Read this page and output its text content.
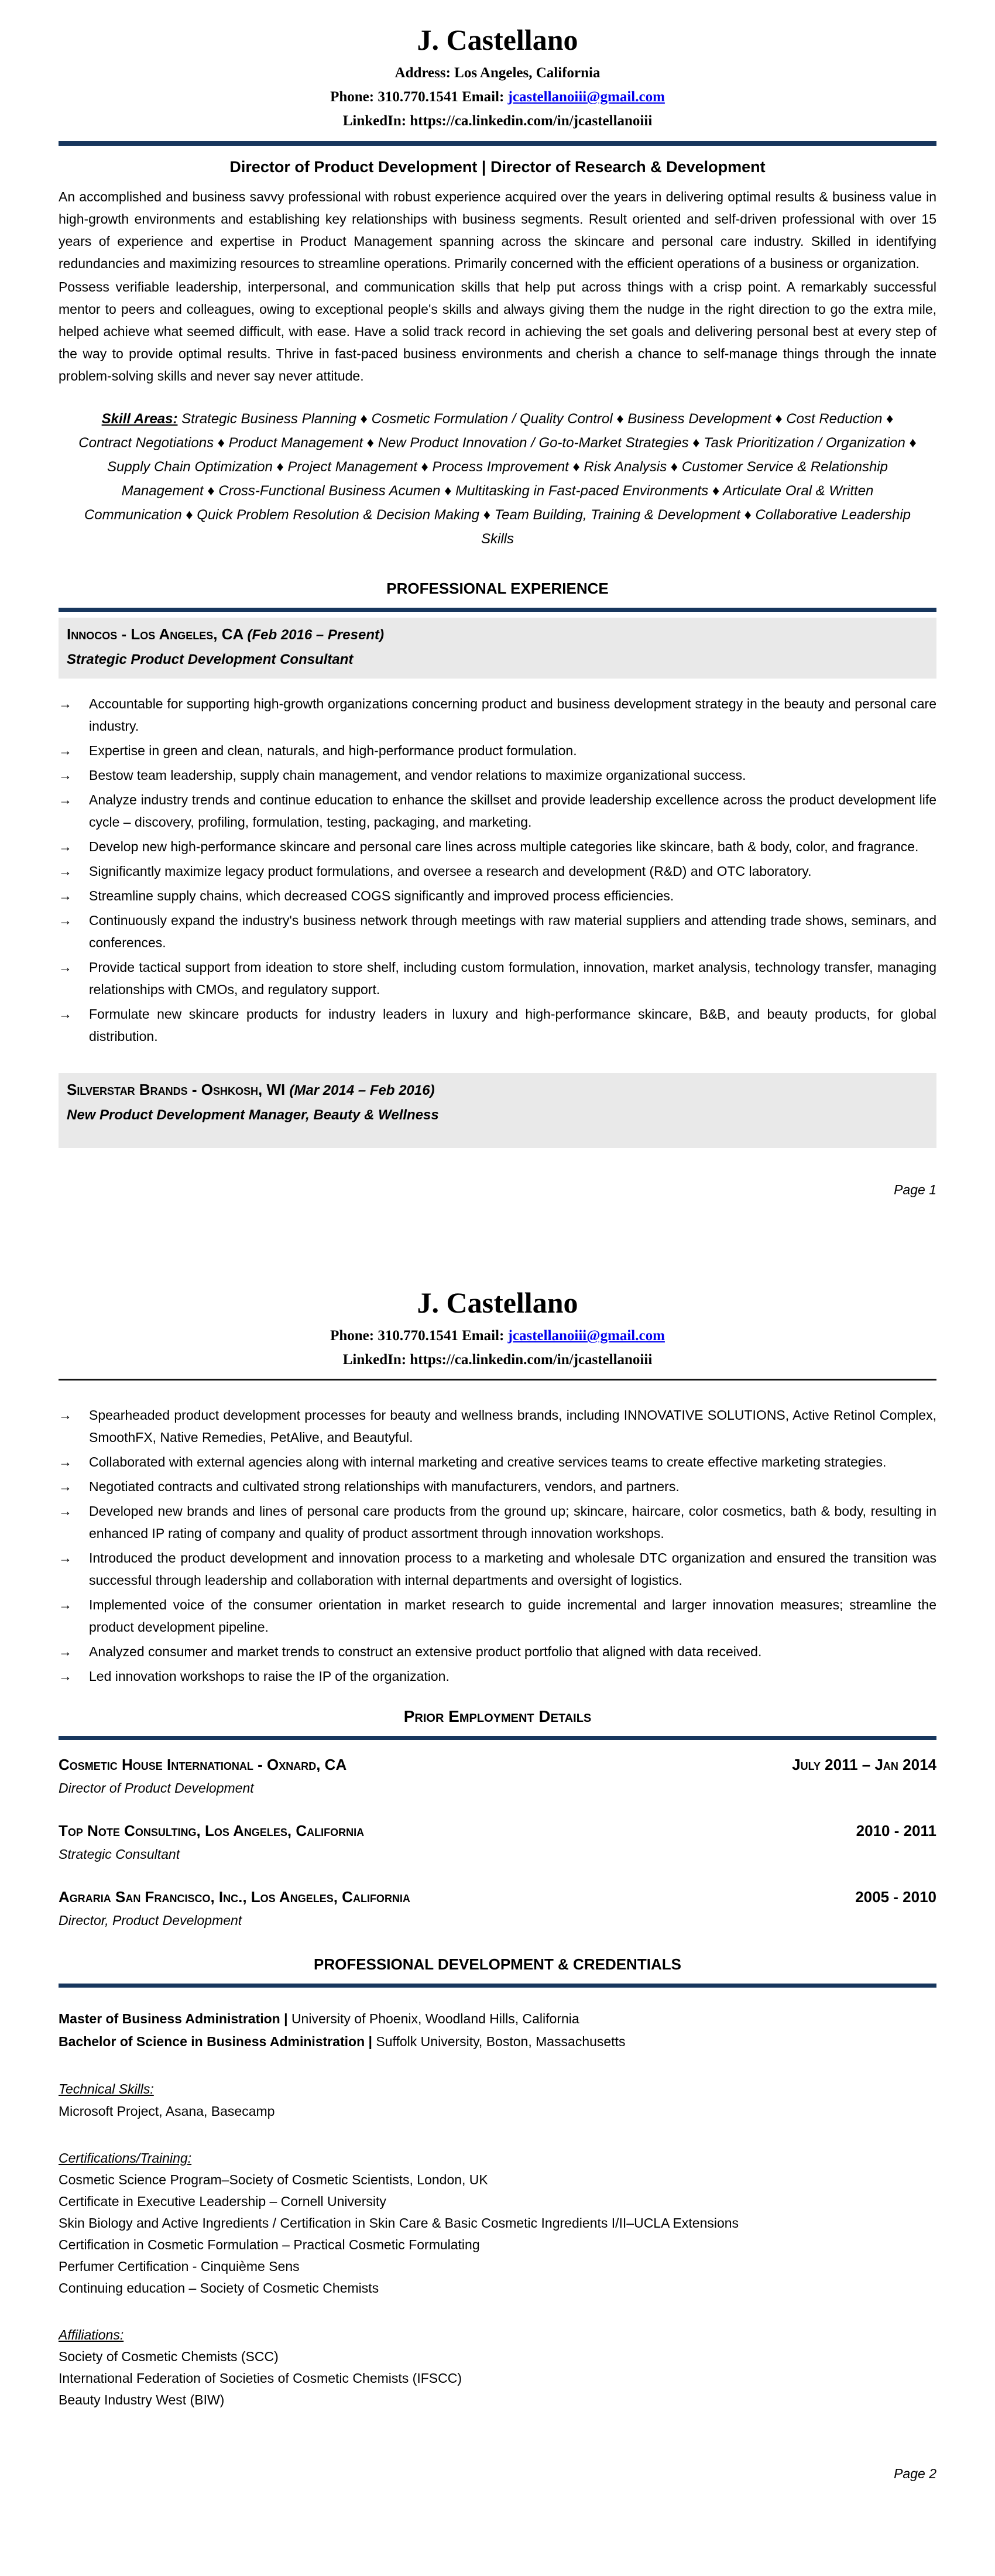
J. Castellano
Address: Los Angeles, California
Phone: 310.770.1541 Email: jcastellanoiii@gmail.com
LinkedIn: https://ca.linkedin.com/in/jcastellanoiii
Director of Product Development | Director of Research & Development

An accomplished and business savvy professional with robust experience acquired over the years in delivering optimal results & business value in high-growth environments and establishing key relationships with business segments. Result oriented and self-driven professional with over 15 years of experience and expertise in Product Management spanning across the skincare and personal care industry. Skilled in identifying redundancies and maximizing resources to streamline operations. Primarily concerned with the efficient operations of a business or organization.

Possess verifiable leadership, interpersonal, and communication skills that help put across things with a crisp point. A remarkably successful mentor to peers and colleagues, owing to exceptional people's skills and always giving them the nudge in the right direction to go the extra mile, helped achieve what seemed difficult, with ease. Have a solid track record in achieving the set goals and delivering personal best at every step of the way to provide optimal results. Thrive in fast-paced business environments and cherish a chance to self-manage things through the innate problem-solving skills and never say never attitude.

Skill Areas: Strategic Business Planning ♦ Cosmetic Formulation / Quality Control ♦ Business Development ♦ Cost Reduction ♦ Contract Negotiations ♦ Product Management ♦ New Product Innovation / Go-to-Market Strategies ♦ Task Prioritization / Organization ♦ Supply Chain Optimization ♦ Project Management ♦ Process Improvement ♦ Risk Analysis ♦ Customer Service & Relationship Management ♦ Cross-Functional Business Acumen ♦ Multitasking in Fast-paced Environments ♦ Articulate Oral & Written Communication ♦ Quick Problem Resolution & Decision Making ♦ Team Building, Training & Development ♦ Collaborative Leadership Skills
PROFESSIONAL EXPERIENCE
Innocos - Los Angeles, CA (Feb 2016 – Present)
Strategic Product Development Consultant
→	Accountable for supporting high-growth organizations concerning product and business development strategy in the beauty and personal care industry.
→	Expertise in green and clean, naturals, and high-performance product formulation.
→	Bestow team leadership, supply chain management, and vendor relations to maximize organizational success.
→	Analyze industry trends and continue education to enhance the skillset and provide leadership excellence across the product development life cycle – discovery, profiling, formulation, testing, packaging, and marketing.
→	Develop new high-performance skincare and personal care lines across multiple categories like skincare, bath & body, color, and fragrance.
→	Significantly maximize legacy product formulations, and oversee a research and development (R&D) and OTC laboratory.
→	Streamline supply chains, which decreased COGS significantly and improved process efficiencies.
→	Continuously expand the industry's business network through meetings with raw material suppliers and attending trade shows, seminars, and conferences.
→	Provide tactical support from ideation to store shelf, including custom formulation, innovation, market analysis, technology transfer, managing relationships with CMOs, and regulatory support.
→	Formulate new skincare products for industry leaders in luxury and high-performance skincare, B&B, and beauty products, for global distribution.
Silverstar Brands - Oshkosh, WI (Mar 2014 – Feb 2016)
New Product Development Manager, Beauty & Wellness
Page 1
J. Castellano
Phone: 310.770.1541 Email: jcastellanoiii@gmail.com
LinkedIn: https://ca.linkedin.com/in/jcastellanoiii
→	Spearheaded product development processes for beauty and wellness brands, including INNOVATIVE SOLUTIONS, Active Retinol Complex, SmoothFX, Native Remedies, PetAlive, and Beautyful.
→	Collaborated with external agencies along with internal marketing and creative services teams to create effective marketing strategies.
→	Negotiated contracts and cultivated strong relationships with manufacturers, vendors, and partners.
→	Developed new brands and lines of personal care products from the ground up; skincare, haircare, color cosmetics, bath & body, resulting in enhanced IP rating of company and quality of product assortment through innovation workshops.
→	Introduced the product development and innovation process to a marketing and wholesale DTC organization and ensured the transition was successful through leadership and collaboration with internal departments and oversight of logistics.
→	Implemented voice of the consumer orientation in market research to guide incremental and larger innovation measures; streamline the product development pipeline.
→	Analyzed consumer and market trends to construct an extensive product portfolio that aligned with data received.
→	Led innovation workshops to raise the IP of the organization.
Prior Employment Details
Cosmetic House International - Oxnard, CA	July 2011 – Jan 2014
Director of Product Development
Top Note Consulting, Los Angeles, California	2010 - 2011
Strategic Consultant
Agraria San Francisco, Inc., Los Angeles, California	2005 - 2010
Director, Product Development
PROFESSIONAL DEVELOPMENT & CREDENTIALS
Master of Business Administration | University of Phoenix, Woodland Hills, California
Bachelor of Science in Business Administration | Suffolk University, Boston, Massachusetts
Technical Skills:
Microsoft Project, Asana, Basecamp
Certifications/Training:
Cosmetic Science Program–Society of Cosmetic Scientists, London, UK
Certificate in Executive Leadership – Cornell University
Skin Biology and Active Ingredients / Certification in Skin Care & Basic Cosmetic Ingredients I/II–UCLA Extensions
Certification in Cosmetic Formulation – Practical Cosmetic Formulating
Perfumer Certification - Cinquième Sens
Continuing education – Society of Cosmetic Chemists
Affiliations:
Society of Cosmetic Chemists (SCC)
International Federation of Societies of Cosmetic Chemists (IFSCC)
Beauty Industry West (BIW)
Page 2
